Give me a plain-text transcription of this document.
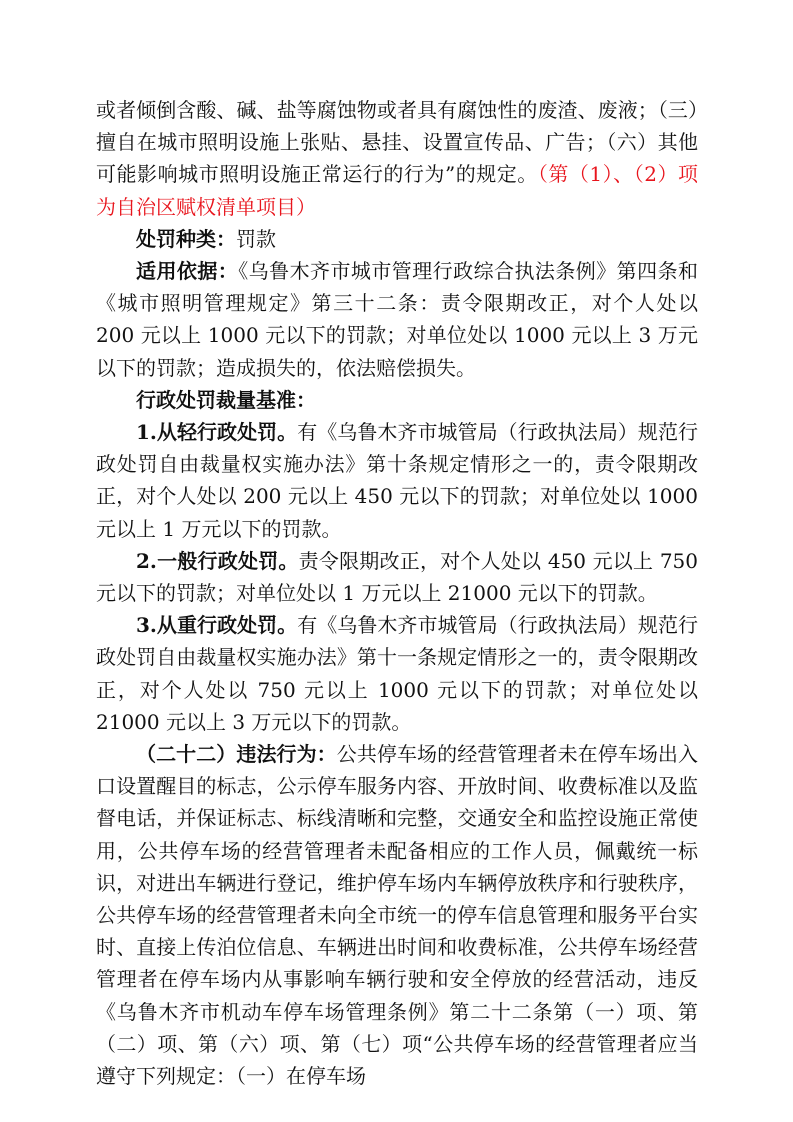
或者倾倒含酸、碱、盐等腐蚀物或者具有腐蚀性的废渣、废液；（三）擅自在城市照明设施上张贴、悬挂、设置宣传品、广告；（六）其他可能影响城市照明设施正常运行的行为”的规定。（第（1）、（2）项为自治区赋权清单项目）

处罚种类：罚款

适用依据：《乌鲁木齐市城市管理行政综合执法条例》第四条和《城市照明管理规定》第三十二条：责令限期改正，对个人处以 200 元以上 1000 元以下的罚款；对单位处以 1000 元以上 3 万元以下的罚款；造成损失的，依法赔偿损失。

行政处罚裁量基准：

1.从轻行政处罚。有《乌鲁木齐市城管局（行政执法局）规范行政处罚自由裁量权实施办法》第十条规定情形之一的，责令限期改正，对个人处以 200 元以上 450 元以下的罚款；对单位处以 1000 元以上 1 万元以下的罚款。

2.一般行政处罚。责令限期改正，对个人处以 450 元以上 750 元以下的罚款；对单位处以 1 万元以上 21000 元以下的罚款。

3.从重行政处罚。有《乌鲁木齐市城管局（行政执法局）规范行政处罚自由裁量权实施办法》第十一条规定情形之一的，责令限期改正，对个人处以 750 元以上 1000 元以下的罚款；对单位处以 21000 元以上 3 万元以下的罚款。

（二十二）违法行为：公共停车场的经营管理者未在停车场出入口设置醒目的标志，公示停车服务内容、开放时间、收费标准以及监督电话，并保证标志、标线清晰和完整，交通安全和监控设施正常使用，公共停车场的经营管理者未配备相应的工作人员，佩戴统一标识，对进出车辆进行登记，维护停车场内车辆停放秩序和行驶秩序，公共停车场的经营管理者未向全市统一的停车信息管理和服务平台实时、直接上传泊位信息、车辆进出时间和收费标准，公共停车场经营管理者在停车场内从事影响车辆行驶和安全停放的经营活动，违反《乌鲁木齐市机动车停车场管理条例》第二十二条第（一）项、第（二）项、第（六）项、第（七）项“公共停车场的经营管理者应当遵守下列规定：（一）在停车场
